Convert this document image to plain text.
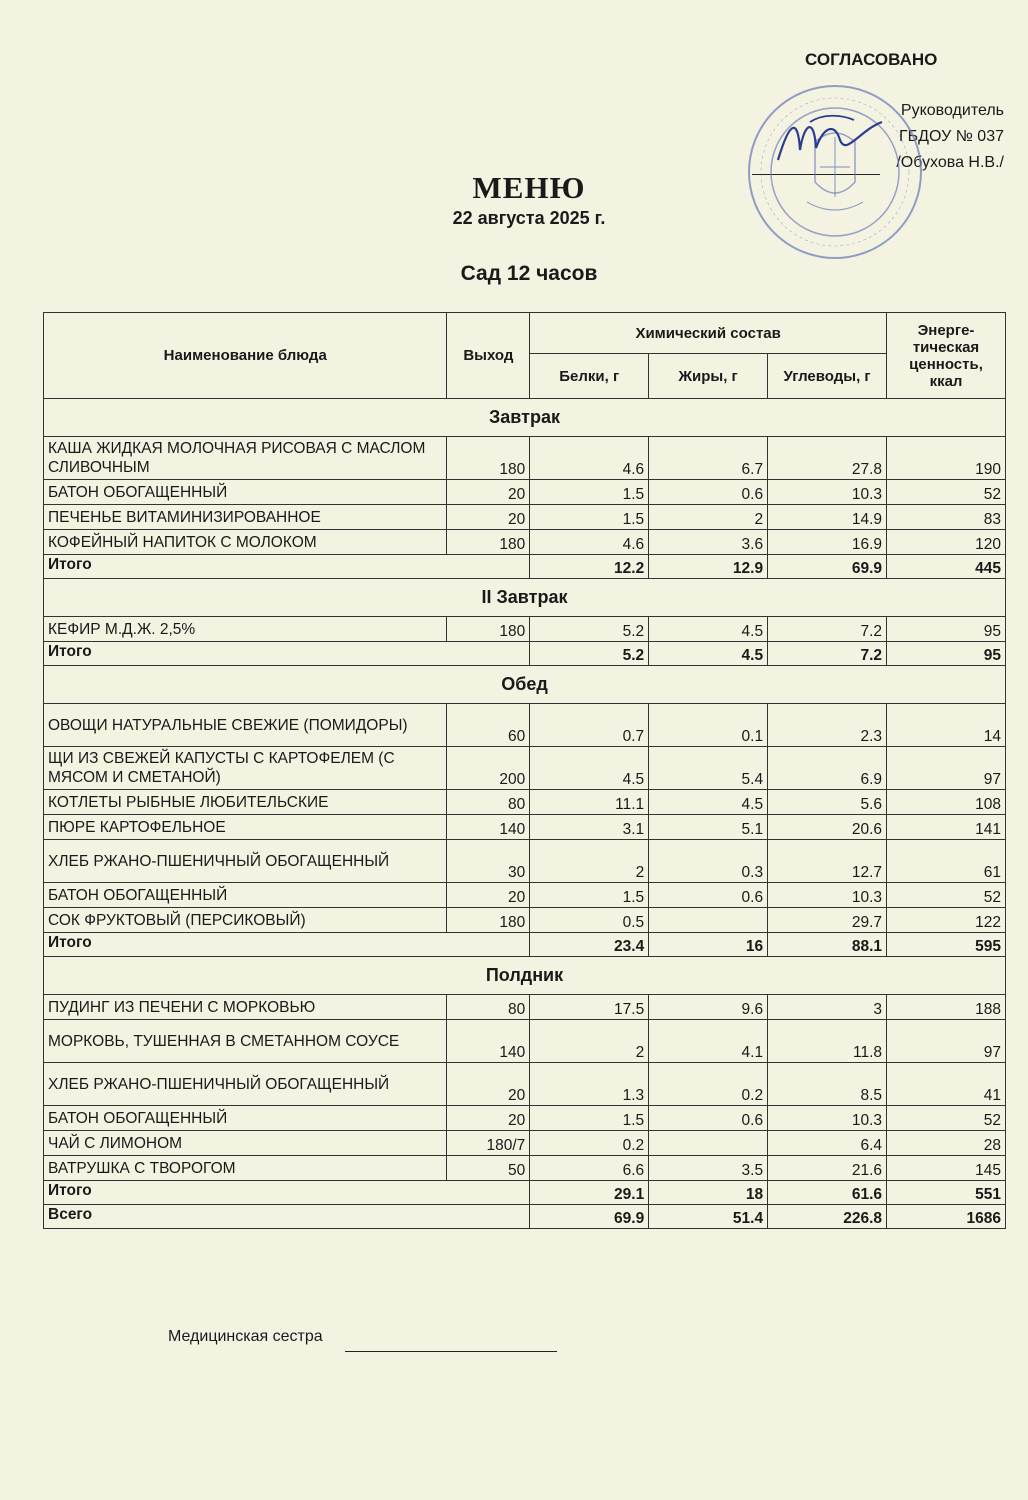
СОГЛАСОВАНО
Руководитель
ГБДОУ № 037
/Обухова Н.В./
МЕНЮ
22 августа 2025 г.
Сад 12 часов
Наименование блюда	Выход	Химический состав			Энерге-тическая ценность, ккал
		Белки, г	Жиры, г	Углеводы, г	
Завтрак					
КАША ЖИДКАЯ МОЛОЧНАЯ РИСОВАЯ С МАСЛОМ СЛИВОЧНЫМ	180	4.6	6.7	27.8	190
БАТОН ОБОГАЩЕННЫЙ	20	1.5	0.6	10.3	52
ПЕЧЕНЬЕ ВИТАМИНИЗИРОВАННОЕ	20	1.5	2	14.9	83
КОФЕЙНЫЙ НАПИТОК С МОЛОКОМ	180	4.6	3.6	16.9	120
Итого		12.2	12.9	69.9	445
II Завтрак					
КЕФИР М.Д.Ж. 2,5%	180	5.2	4.5	7.2	95
Итого		5.2	4.5	7.2	95
Обед					
ОВОЩИ НАТУРАЛЬНЫЕ СВЕЖИЕ (ПОМИДОРЫ)	60	0.7	0.1	2.3	14
ЩИ ИЗ СВЕЖЕЙ КАПУСТЫ С КАРТОФЕЛЕМ (С МЯСОМ И СМЕТАНОЙ)	200	4.5	5.4	6.9	97
КОТЛЕТЫ РЫБНЫЕ ЛЮБИТЕЛЬСКИЕ	80	11.1	4.5	5.6	108
ПЮРЕ КАРТОФЕЛЬНОЕ	140	3.1	5.1	20.6	141
ХЛЕБ РЖАНО-ПШЕНИЧНЫЙ ОБОГАЩЕННЫЙ	30	2	0.3	12.7	61
БАТОН ОБОГАЩЕННЫЙ	20	1.5	0.6	10.3	52
СОК ФРУКТОВЫЙ (ПЕРСИКОВЫЙ)	180	0.5		29.7	122
Итого		23.4	16	88.1	595
Полдник					
ПУДИНГ ИЗ ПЕЧЕНИ С МОРКОВЬЮ	80	17.5	9.6	3	188
МОРКОВЬ, ТУШЕННАЯ В СМЕТАННОМ СОУСЕ	140	2	4.1	11.8	97
ХЛЕБ РЖАНО-ПШЕНИЧНЫЙ ОБОГАЩЕННЫЙ	20	1.3	0.2	8.5	41
БАТОН ОБОГАЩЕННЫЙ	20	1.5	0.6	10.3	52
ЧАЙ С ЛИМОНОМ	180/7	0.2		6.4	28
ВАТРУШКА С ТВОРОГОМ	50	6.6	3.5	21.6	145
Итого		29.1	18	61.6	551
Всего		69.9	51.4	226.8	1686
Медицинская сестра
